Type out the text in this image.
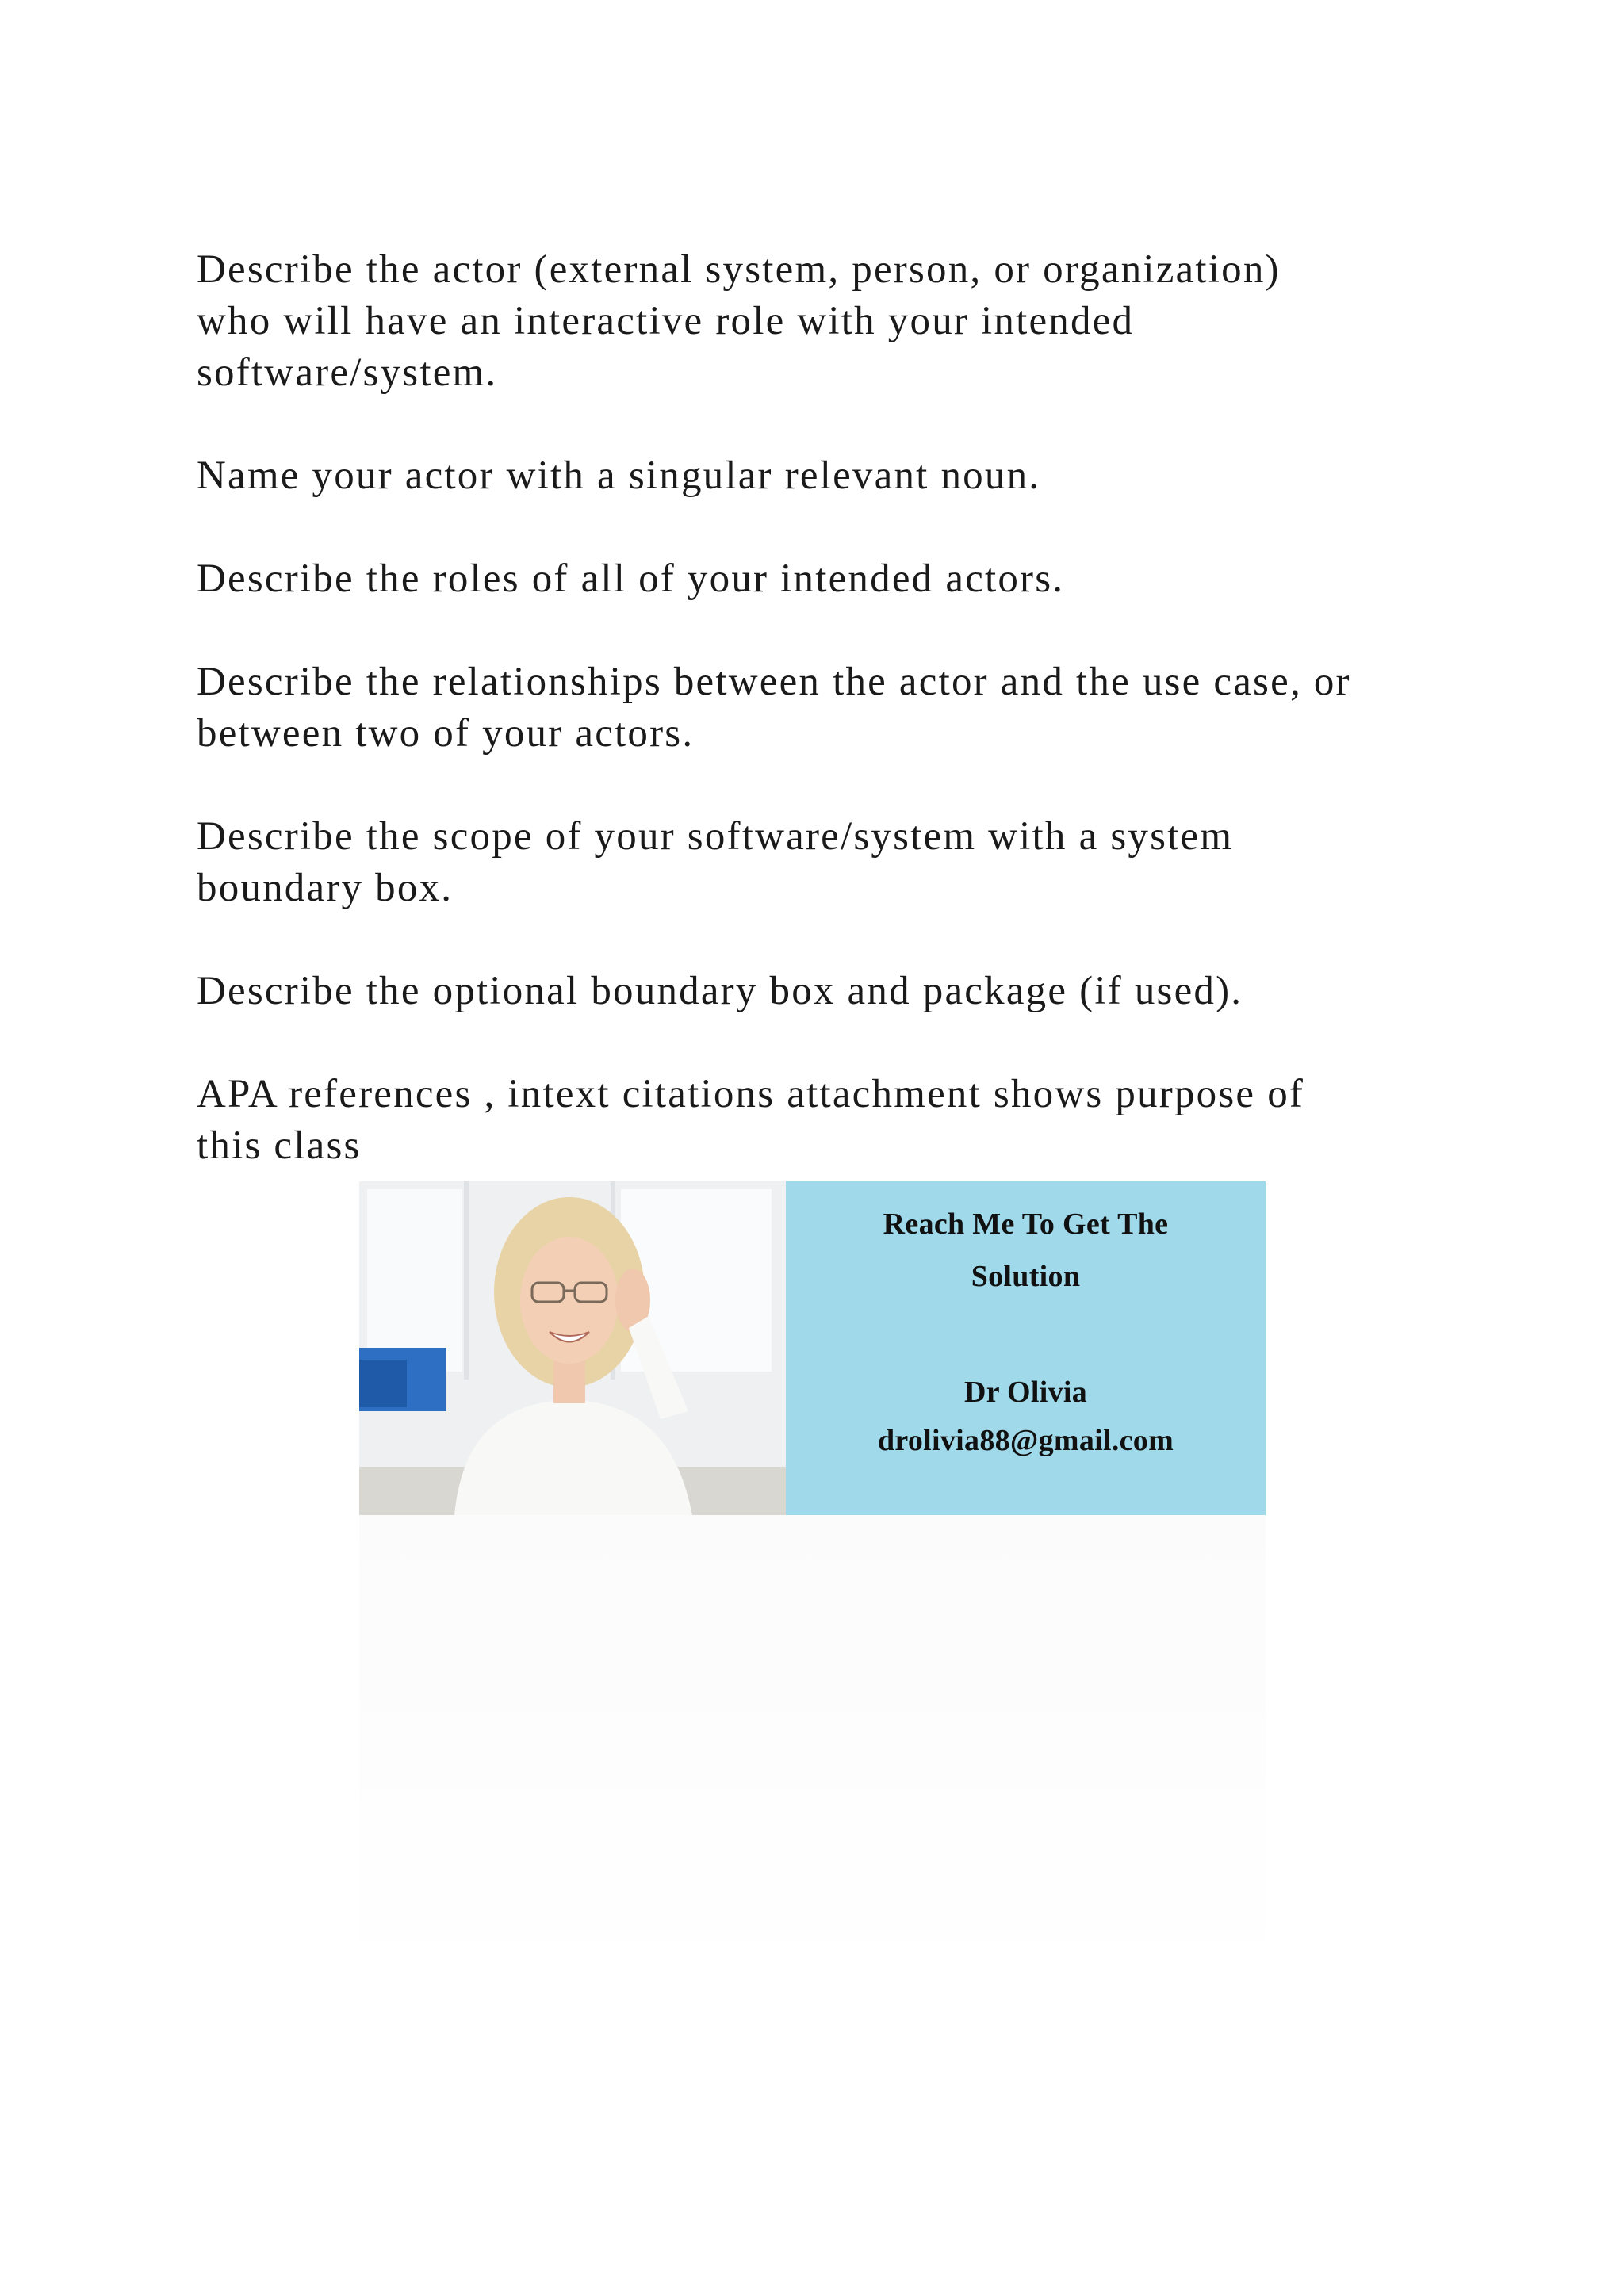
Describe the actor (external system, person, or organization)
who will have an interactive role with your intended
software/system.

Name your actor with a singular relevant noun.

Describe the roles of all of your intended actors.

Describe the relationships between the actor and the use case, or
between two of your actors.

Describe the scope of your software/system with a system
boundary box.

Describe the optional boundary box and package (if used).

APA references , intext citations attachment shows purpose of
this class

Reach Me To Get The
Solution
Dr Olivia
drolivia88@gmail.com
